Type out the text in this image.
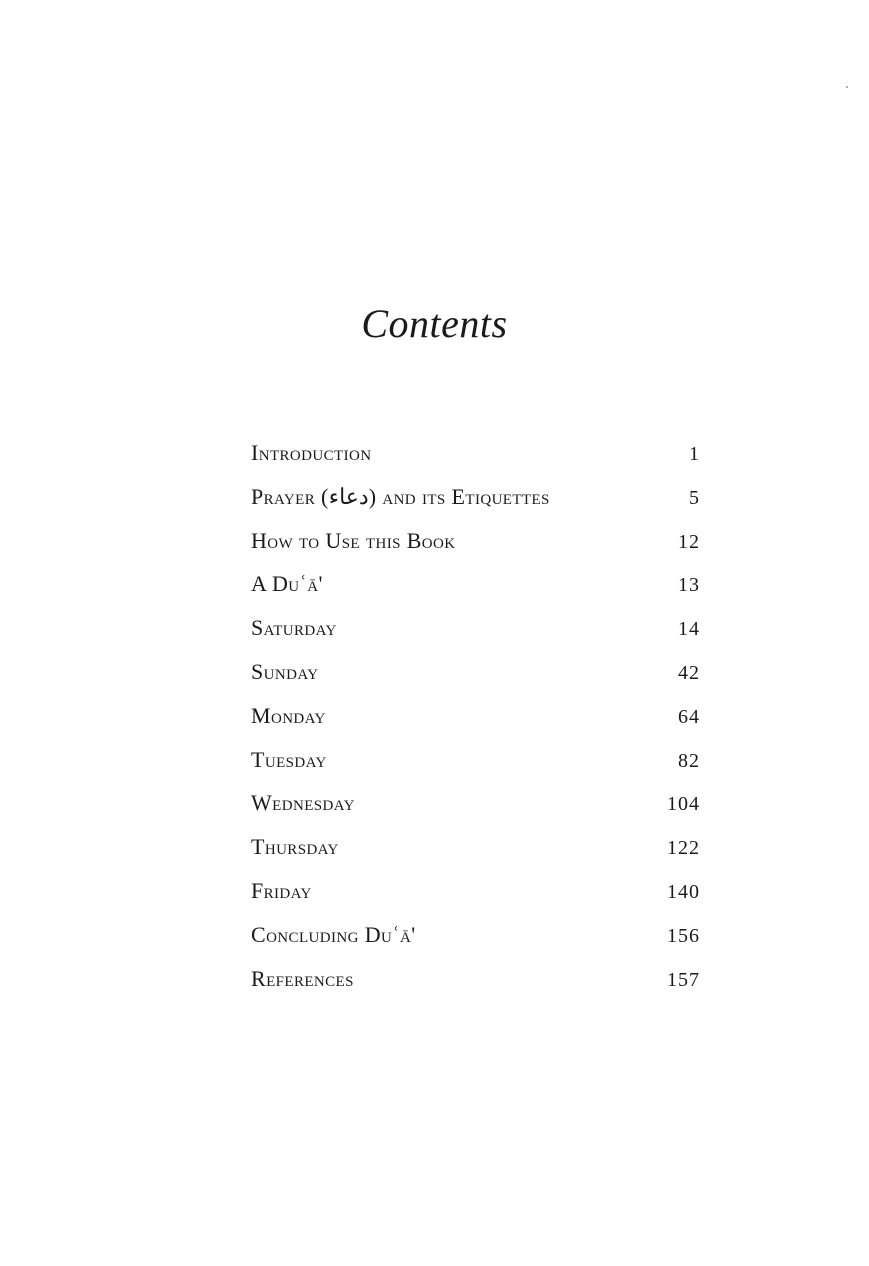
Contents
Introduction	1
Prayer (دعاء) and its Etiquettes	5
How to Use this Book	12
A Duʿā'	13
Saturday	14
Sunday	42
Monday	64
Tuesday	82
Wednesday	104
Thursday	122
Friday	140
Concluding Duʿā'	156
References	157
